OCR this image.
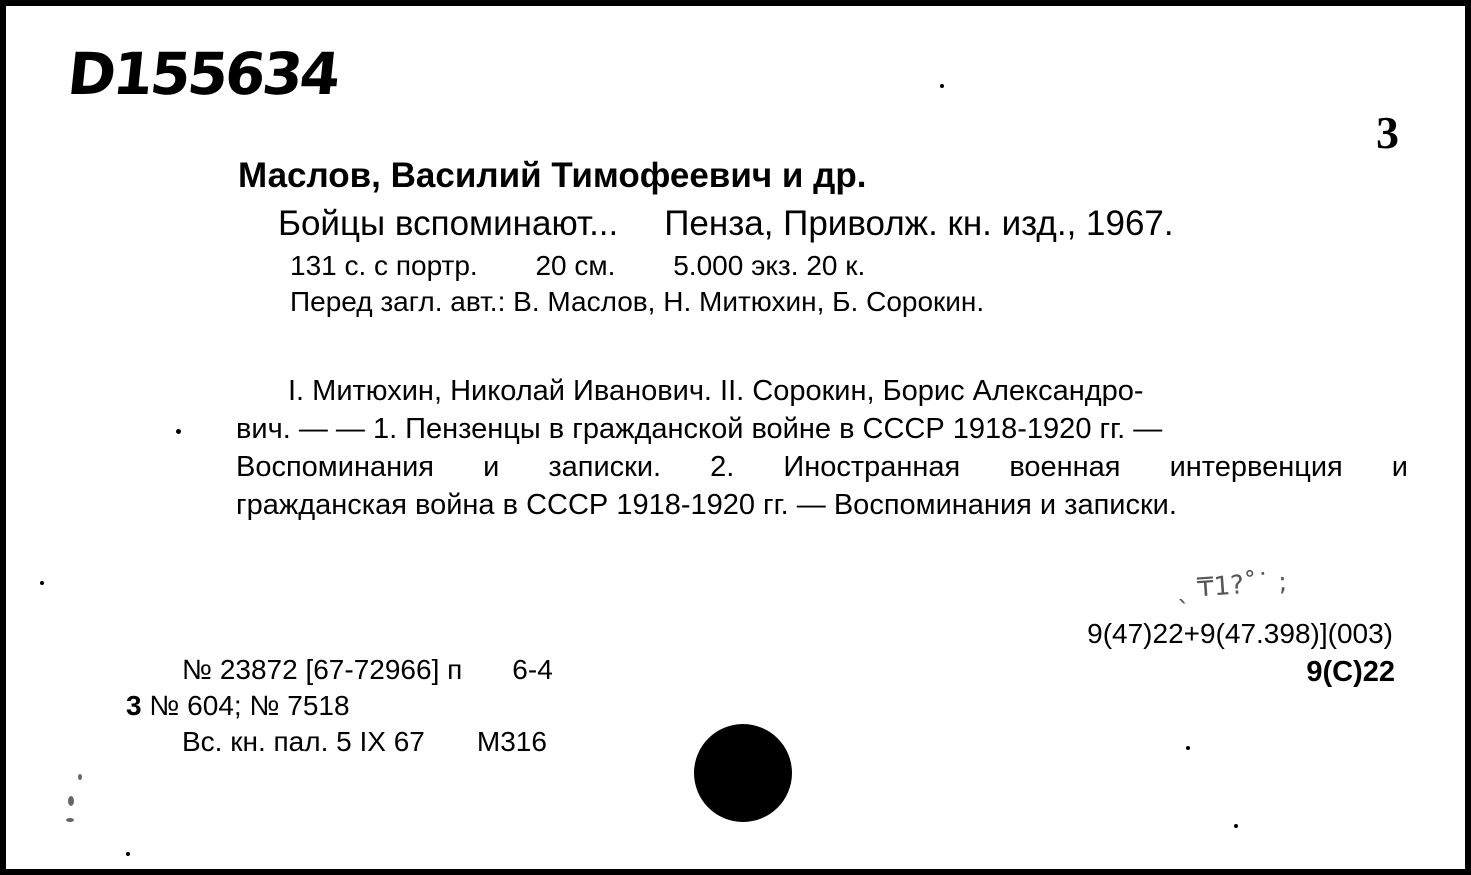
D155634
3
Маслов, Василий Тимофеевич и др.
Бойцы вспоминают... Пенза, Приволж. кн. изд., 1967.
131 с. с портр. 20 см. 5.000 экз. 20 к.
Перед загл. авт.: В. Маслов, Н. Митюхин, Б. Сорокин.
I. Митюхин, Николай Иванович. II. Сорокин, Борис Александро-
вич. — — 1. Пензенцы в гражданской войне в СССР 1918-1920 гг. —
Воспоминания и записки. 2. Иностранная военная интервенция и
гражданская война в СССР 1918-1920 гг. — Воспоминания и записки.
ˎ ₸1?˚˙ ;
9(47)22+9(47.398)](003)
9(С)22
№ 23872 [67-72966] п 6-4
3 № 604; № 7518
Вс. кн. пал. 5 IX 67 М316
